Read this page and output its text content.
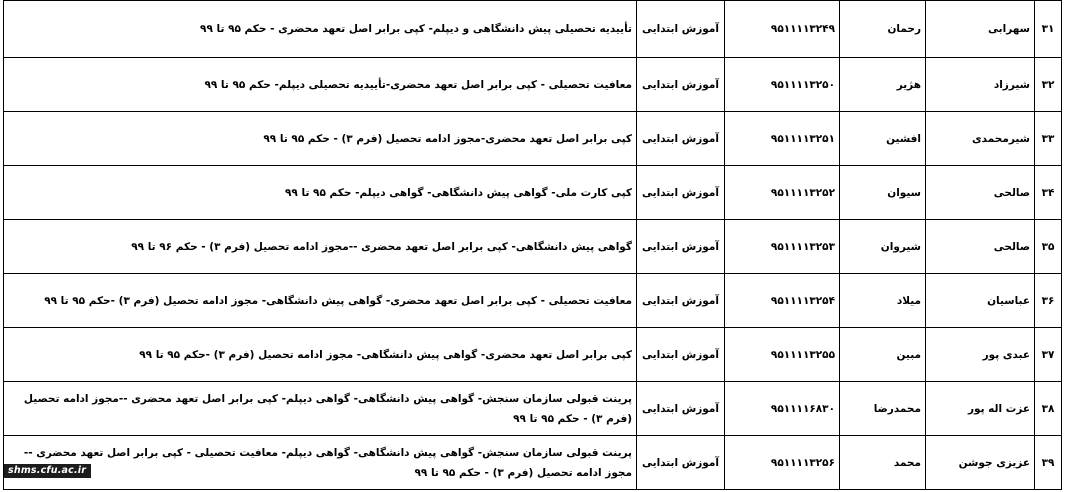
۳۱	سهرابی	رحمان	۹۵۱۱۱۱۳۲۴۹	آموزش ابتدایی	تأییدیه تحصیلی پیش دانشگاهی و دیپلم- کپی برابر اصل تعهد محضری - حکم ۹۵ تا ۹۹
۳۲	شیرزاد	هژیر	۹۵۱۱۱۱۳۲۵۰	آموزش ابتدایی	معافیت تحصیلی - کپی برابر اصل تعهد محضری-تأییدیه تحصیلی دیپلم- حکم ۹۵ تا ۹۹
۳۳	شیرمحمدی	افشین	۹۵۱۱۱۱۳۲۵۱	آموزش ابتدایی	کپی برابر اصل تعهد محضری-مجوز ادامه تحصیل (فرم ۳) - حکم ۹۵ تا ۹۹
۳۴	صالحی	سیوان	۹۵۱۱۱۱۳۲۵۲	آموزش ابتدایی	کپی کارت ملی- گواهی پیش دانشگاهی- گواهی دیپلم- حکم ۹۵ تا ۹۹
۳۵	صالحی	شیروان	۹۵۱۱۱۱۳۲۵۳	آموزش ابتدایی	گواهی پیش دانشگاهی- کپی برابر اصل تعهد محضری --مجوز ادامه تحصیل (فرم ۳) - حکم ۹۶ تا ۹۹
۳۶	عباسیان	میلاد	۹۵۱۱۱۱۳۲۵۴	آموزش ابتدایی	معافیت تحصیلی - کپی برابر اصل تعهد محضری- گواهی پیش دانشگاهی- مجوز ادامه تحصیل (فرم ۳) -حکم ۹۵ تا ۹۹
۳۷	عبدی پور	مبین	۹۵۱۱۱۱۳۲۵۵	آموزش ابتدایی	کپی برابر اصل تعهد محضری- گواهی پیش دانشگاهی- مجوز ادامه تحصیل (فرم ۳) -حکم ۹۵ تا ۹۹
۳۸	عزت اله پور	محمدرضا	۹۵۱۱۱۱۶۸۳۰	آموزش ابتدایی	پرینت قبولی سازمان سنجش- گواهی پیش دانشگاهی- گواهی دیپلم- کپی برابر اصل تعهد محضری --مجوز ادامه تحصیل (فرم ۳) - حکم ۹۵ تا ۹۹
۳۹	عزیزی جوشن	محمد	۹۵۱۱۱۱۳۲۵۶	آموزش ابتدایی	پرینت قبولی سازمان سنجش- گواهی پیش دانشگاهی- گواهی دیپلم- معافیت تحصیلی - کپی برابر اصل تعهد محضری --مجوز ادامه تحصیل (فرم ۳) - حکم ۹۵ تا ۹۹
shms.cfu.ac.ir
